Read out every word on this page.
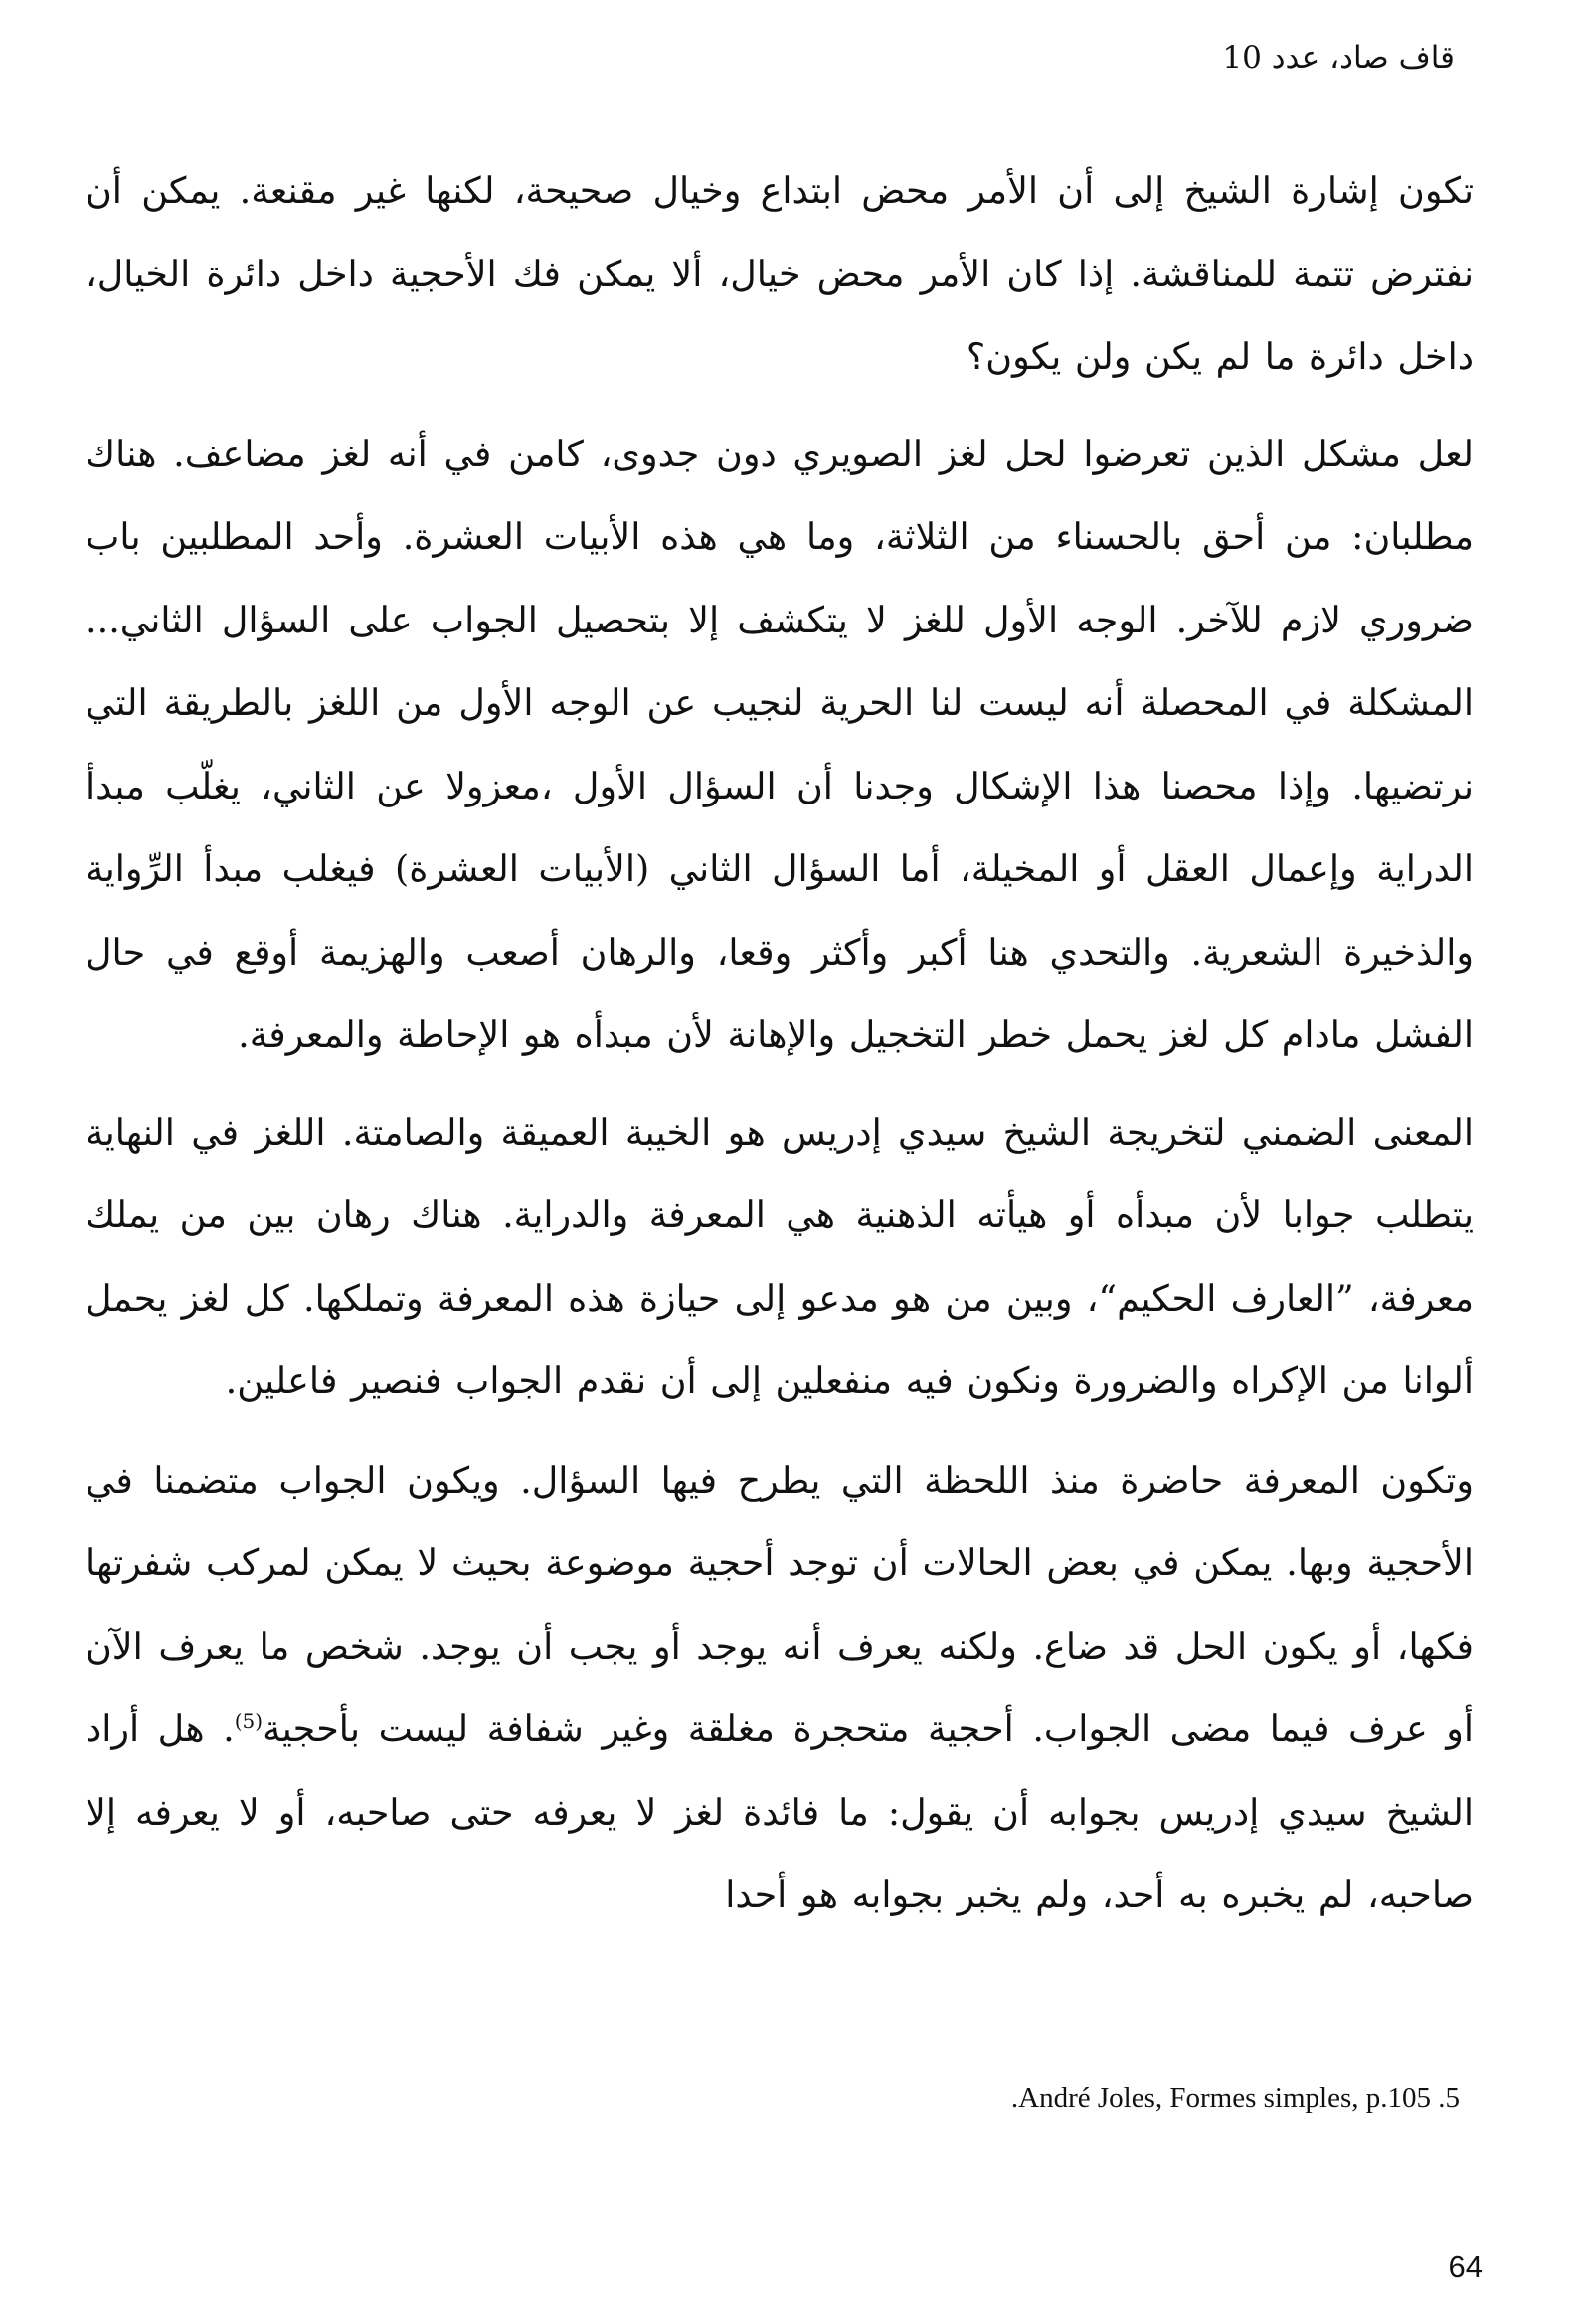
قاف صاد، عدد 10

تكون إشارة الشيخ إلى أن الأمر محض ابتداع وخيال صحيحة، لكنها غير مقنعة. يمكن أن نفترض تتمة للمناقشة. إذا كان الأمر محض خيال، ألا يمكن فك الأحجية داخل دائرة الخيال، داخل دائرة ما لم يكن ولن يكون؟

لعل مشكل الذين تعرضوا لحل لغز الصويري دون جدوى، كامن في أنه لغز مضاعف. هناك مطلبان: من أحق بالحسناء من الثلاثة، وما هي هذه الأبيات العشرة. وأحد المطلبين باب ضروري لازم للآخر. الوجه الأول للغز لا يتكشف إلا بتحصيل الجواب على السؤال الثاني... المشكلة في المحصلة أنه ليست لنا الحرية لنجيب عن الوجه الأول من اللغز بالطريقة التي نرتضيها. وإذا محصنا هذا الإشكال وجدنا أن السؤال الأول ،معزولا عن الثاني، يغلّب مبدأ الدراية وإعمال العقل أو المخيلة، أما السؤال الثاني (الأبيات العشرة) فيغلب مبدأ الرِّواية والذخيرة الشعرية. والتحدي هنا أكبر وأكثر وقعا، والرهان أصعب والهزيمة أوقع في حال الفشل مادام كل لغز يحمل خطر التخجيل والإهانة لأن مبدأه هو الإحاطة والمعرفة.

المعنى الضمني لتخريجة الشيخ سيدي إدريس هو الخيبة العميقة والصامتة. اللغز في النهاية يتطلب جوابا لأن مبدأه أو هيأته الذهنية هي المعرفة والدراية. هناك رهان بين من يملك معرفة، ”العارف الحكيم“، وبين من هو مدعو إلى حيازة هذه المعرفة وتملكها. كل لغز يحمل ألوانا من الإكراه والضرورة ونكون فيه منفعلين إلى أن نقدم الجواب فنصير فاعلين.

وتكون المعرفة حاضرة منذ اللحظة التي يطرح فيها السؤال. ويكون الجواب متضمنا في الأحجية وبها. يمكن في بعض الحالات أن توجد أحجية موضوعة بحيث لا يمكن لمركب شفرتها فكها، أو يكون الحل قد ضاع. ولكنه يعرف أنه يوجد أو يجب أن يوجد. شخص ما يعرف الآن أو عرف فيما مضى الجواب. أحجية متحجرة مغلقة وغير شفافة ليست بأحجية$^{(5)}$. هل أراد الشيخ سيدي إدريس بجوابه أن يقول: ما فائدة لغز لا يعرفه حتى صاحبه، أو لا يعرفه إلا صاحبه، لم يخبره به أحد، ولم يخبر بجوابه هو أحدا

.André Joles, Formes simples, p.105 .5
64
